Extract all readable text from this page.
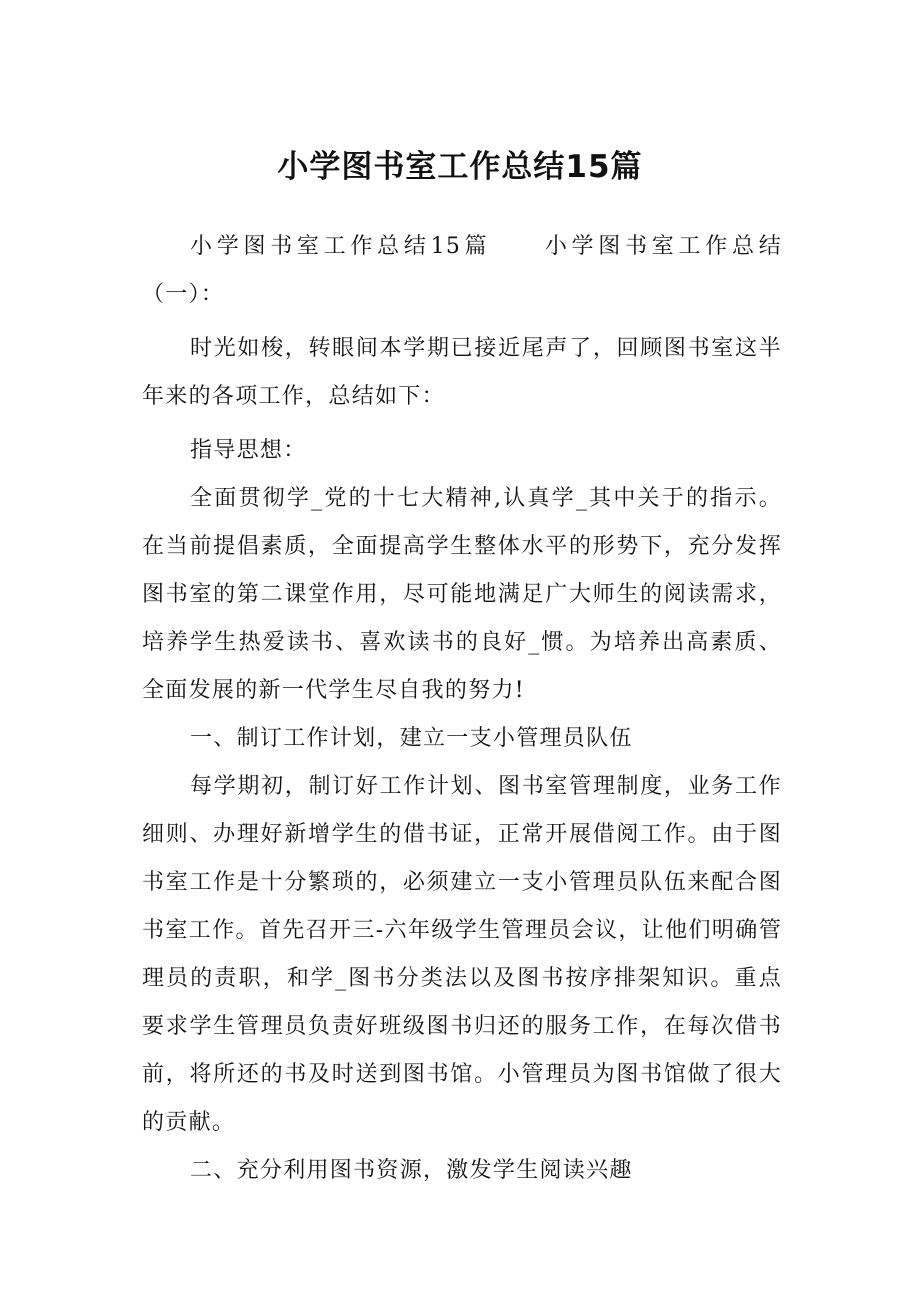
小学图书室工作总结15篇

小学图书室工作总结15篇　　小学图书室工作总结（一）：

时光如梭，转眼间本学期已接近尾声了，回顾图书室这半年来的各项工作，总结如下：

指导思想：

全面贯彻学_党的十七大精神,认真学_其中关于的指示。在当前提倡素质，全面提高学生整体水平的形势下，充分发挥图书室的第二课堂作用，尽可能地满足广大师生的阅读需求，培养学生热爱读书、喜欢读书的良好_惯。为培养出高素质、全面发展的新一代学生尽自我的努力!

一、制订工作计划，建立一支小管理员队伍

每学期初，制订好工作计划、图书室管理制度，业务工作细则、办理好新增学生的借书证，正常开展借阅工作。由于图书室工作是十分繁琐的，必须建立一支小管理员队伍来配合图书室工作。首先召开三-六年级学生管理员会议，让他们明确管理员的责职，和学_图书分类法以及图书按序排架知识。重点要求学生管理员负责好班级图书归还的服务工作，在每次借书前，将所还的书及时送到图书馆。小管理员为图书馆做了很大的贡献。

二、充分利用图书资源，激发学生阅读兴趣
